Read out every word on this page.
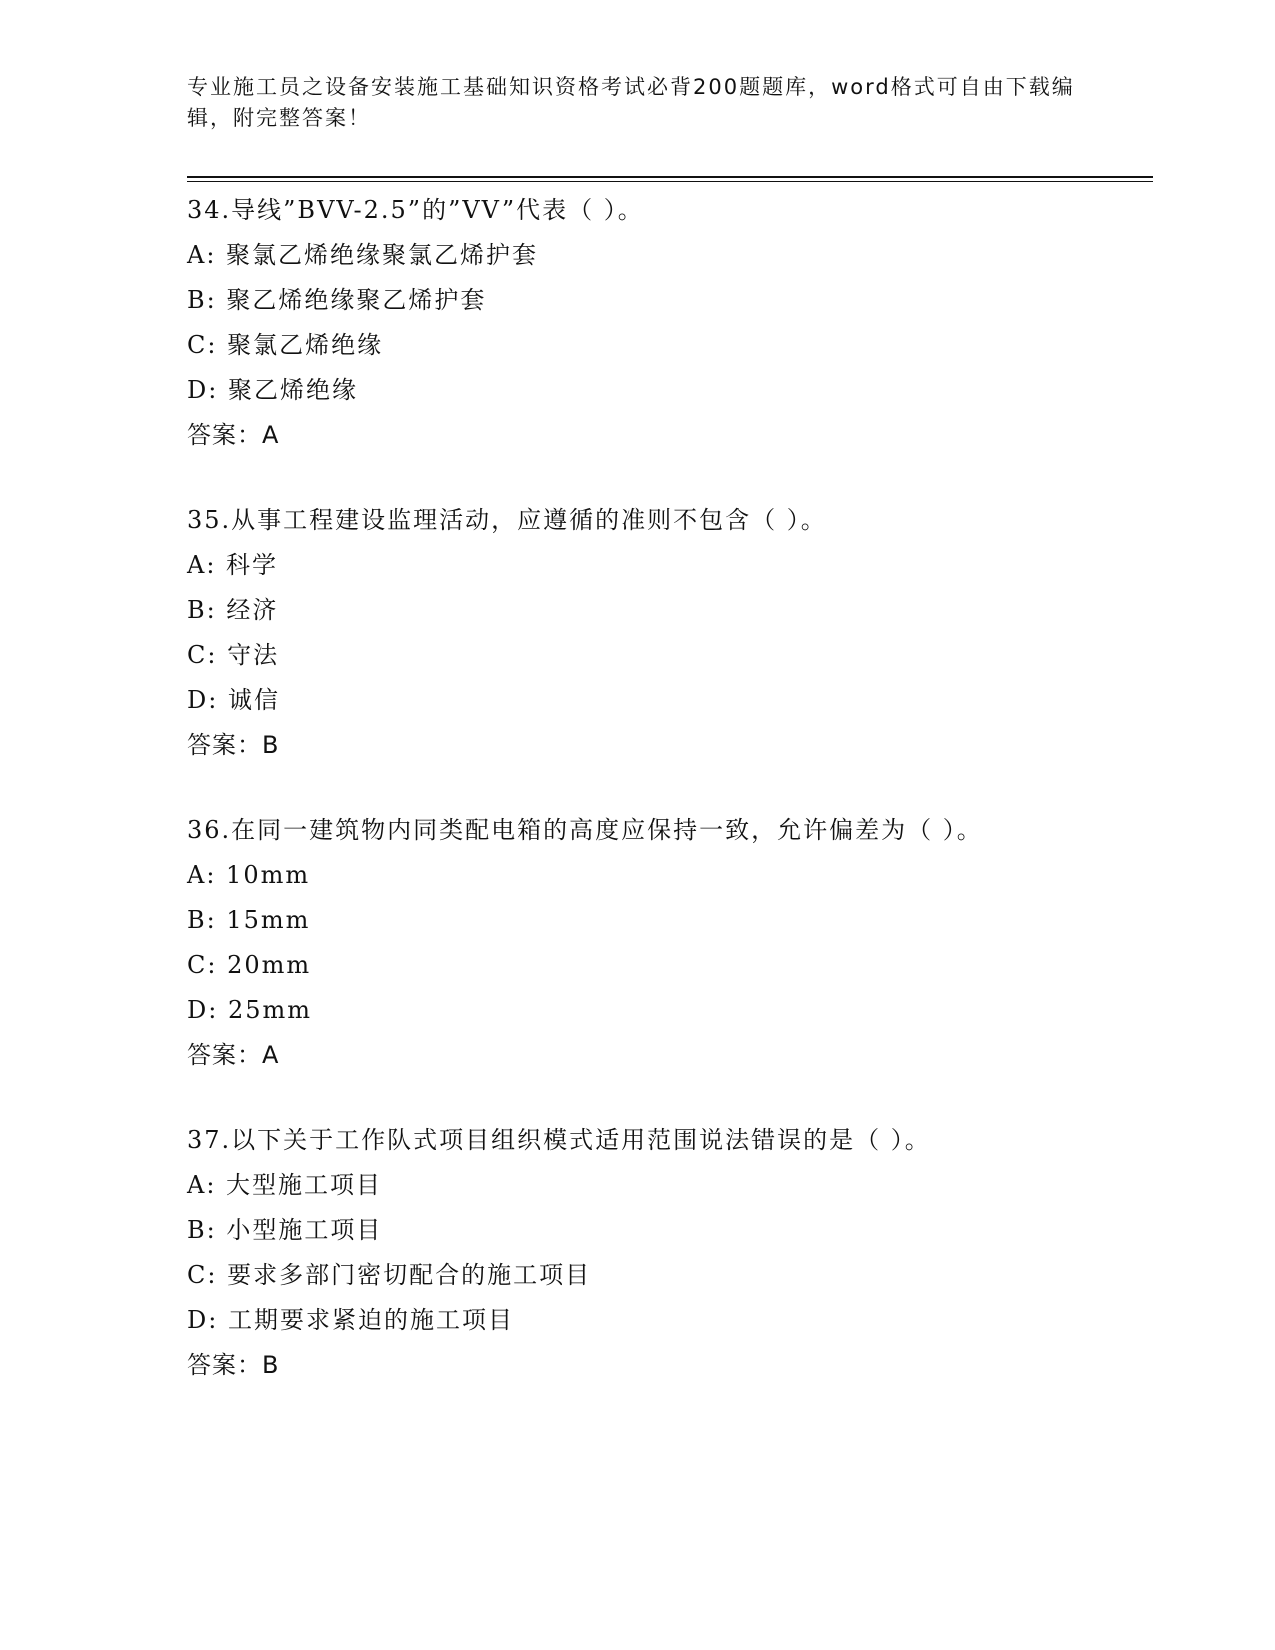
专业施工员之设备安装施工基础知识资格考试必背200题题库，word格式可自由下载编辑，附完整答案！

34.导线”BVV-2.5”的”VV”代表（ ）。

A: 聚氯乙烯绝缘聚氯乙烯护套

B: 聚乙烯绝缘聚乙烯护套

C: 聚氯乙烯绝缘

D: 聚乙烯绝缘

答案：A

35.从事工程建设监理活动，应遵循的准则不包含（ ）。

A: 科学

B: 经济

C: 守法

D: 诚信

答案：B

36.在同一建筑物内同类配电箱的高度应保持一致，允许偏差为（ ）。

A: 10mm

B: 15mm

C: 20mm

D: 25mm

答案：A

37.以下关于工作队式项目组织模式适用范围说法错误的是（ ）。

A: 大型施工项目

B: 小型施工项目

C: 要求多部门密切配合的施工项目

D: 工期要求紧迫的施工项目

答案：B
